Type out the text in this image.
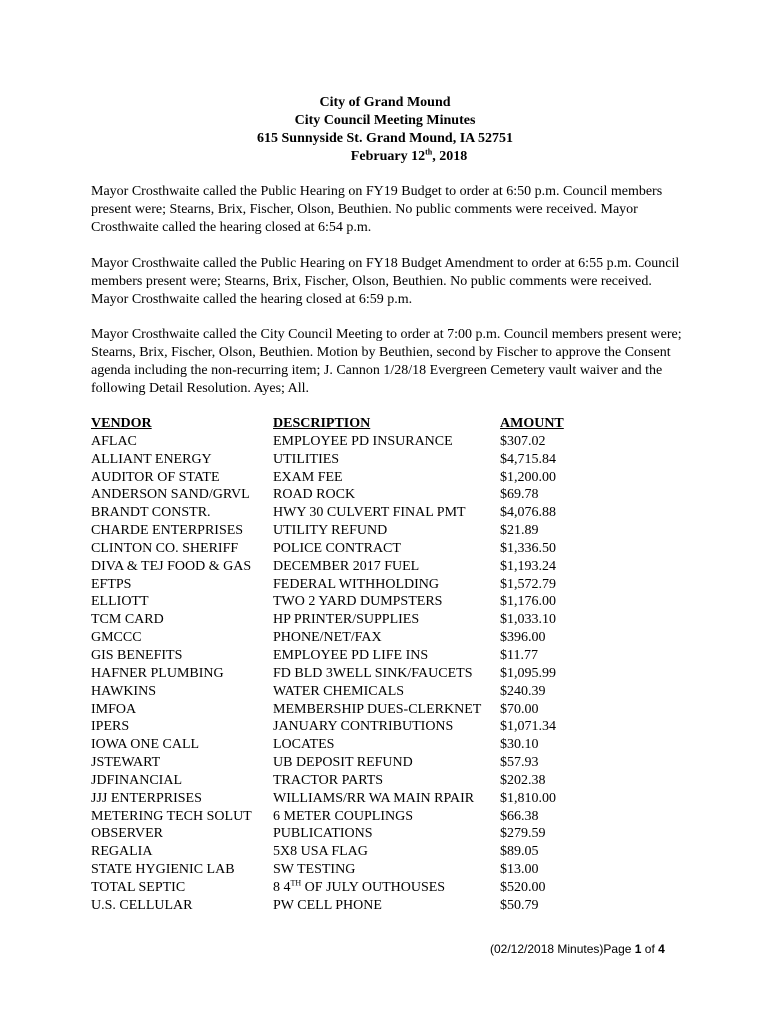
City of Grand Mound
City Council Meeting Minutes
615 Sunnyside St. Grand Mound, IA 52751
February 12th, 2018

Mayor Crosthwaite called the Public Hearing on FY19 Budget to order at 6:50 p.m. Council members present were; Stearns, Brix, Fischer, Olson, Beuthien. No public comments were received. Mayor Crosthwaite called the hearing closed at 6:54 p.m.

Mayor Crosthwaite called the Public Hearing on FY18 Budget Amendment to order at 6:55 p.m. Council members present were; Stearns, Brix, Fischer, Olson, Beuthien. No public comments were received. Mayor Crosthwaite called the hearing closed at 6:59 p.m.

Mayor Crosthwaite called the City Council Meeting to order at 7:00 p.m. Council members present were; Stearns, Brix, Fischer, Olson, Beuthien. Motion by Beuthien, second by Fischer to approve the Consent agenda including the non-recurring item; J. Cannon 1/28/18 Evergreen Cemetery vault waiver and the following Detail Resolution. Ayes; All.

VENDOR	DESCRIPTION	AMOUNT
AFLAC	EMPLOYEE PD INSURANCE	$307.02
ALLIANT ENERGY	UTILITIES	$4,715.84
AUDITOR OF STATE	EXAM FEE	$1,200.00
ANDERSON SAND/GRVL	ROAD ROCK	$69.78
BRANDT CONSTR.	HWY 30 CULVERT FINAL PMT	$4,076.88
CHARDE ENTERPRISES	UTILITY REFUND	$21.89
CLINTON CO. SHERIFF	POLICE CONTRACT	$1,336.50
DIVA & TEJ FOOD & GAS	DECEMBER 2017 FUEL	$1,193.24
EFTPS	FEDERAL WITHHOLDING	$1,572.79
ELLIOTT	TWO 2 YARD DUMPSTERS	$1,176.00
TCM CARD	HP PRINTER/SUPPLIES	$1,033.10
GMCCC	PHONE/NET/FAX	$396.00
GIS BENEFITS	EMPLOYEE PD LIFE INS	$11.77
HAFNER PLUMBING	FD BLD 3WELL SINK/FAUCETS	$1,095.99
HAWKINS	WATER CHEMICALS	$240.39
IMFOA	MEMBERSHIP DUES-CLERKNET	$70.00
IPERS	JANUARY CONTRIBUTIONS	$1,071.34
IOWA ONE CALL	LOCATES	$30.10
JSTEWART	UB DEPOSIT REFUND	$57.93
JDFINANCIAL	TRACTOR PARTS	$202.38
JJJ ENTERPRISES	WILLIAMS/RR WA MAIN RPAIR	$1,810.00
METERING TECH SOLUT	6 METER COUPLINGS	$66.38
OBSERVER	PUBLICATIONS	$279.59
REGALIA	5X8 USA FLAG	$89.05
STATE HYGIENIC LAB	SW TESTING	$13.00
TOTAL SEPTIC	8 4TH OF JULY OUTHOUSES	$520.00
U.S. CELLULAR	PW CELL PHONE	$50.79
(02/12/2018 Minutes)Page 1 of 4
